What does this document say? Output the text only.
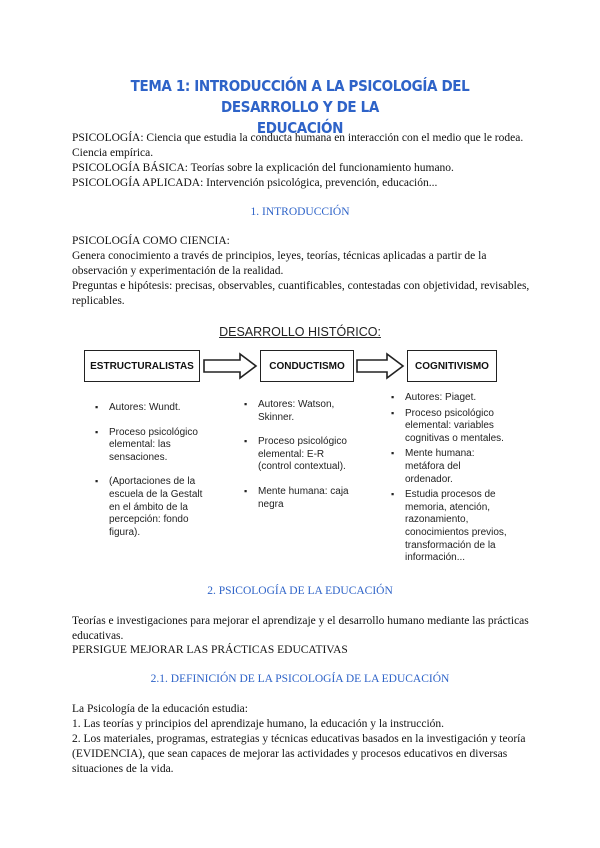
TEMA 1: INTRODUCCIÓN A LA PSICOLOGÍA DEL DESARROLLO Y DE LA
EDUCACIÓN

PSICOLOGÍA: Ciencia que estudia la conducta humana en interacción con el medio que le rodea.

Ciencia empírica.

PSICOLOGÍA BÁSICA: Teorías sobre la explicación del funcionamiento humano.

PSICOLOGÍA APLICADA: Intervención psicológica, prevención, educación...

1. INTRODUCCIÓN

PSICOLOGÍA COMO CIENCIA:

Genera conocimiento a través de principios, leyes, teorías, técnicas aplicadas a partir de la

observación y experimentación de la realidad.

Preguntas e hipótesis: precisas, observables, cuantificables, contestadas con objetividad, revisables,

replicables.

DESARROLLO HISTÓRICO:
ESTRUCTURALISTAS	CONDUCTISMO	COGNITIVISMO
▪ Autores: Wundt.
▪ Proceso psicológico
elemental: las
sensaciones.
▪ (Aportaciones de la
escuela de la Gestalt
en el ámbito de la
percepción: fondo
figura).
▪ Autores: Watson,
Skinner.
▪ Proceso psicológico
elemental: E-R
(control contextual).
▪ Mente humana: caja
negra
▪ Autores: Piaget.
▪ Proceso psicológico
elemental: variables
cognitivas o mentales.
▪ Mente humana:
metáfora del
ordenador.
▪ Estudia procesos de
memoria, atención,
razonamiento,
conocimientos previos,
transformación de la
información...

2. PSICOLOGÍA DE LA EDUCACIÓN

Teorías e investigaciones para mejorar el aprendizaje y el desarrollo humano mediante las prácticas

educativas.

PERSIGUE MEJORAR LAS PRÁCTICAS EDUCATIVAS

2.1. DEFINICIÓN DE LA PSICOLOGÍA DE LA EDUCACIÓN

La Psicología de la educación estudia:

1. Las teorías y principios del aprendizaje humano, la educación y la instrucción.

2. Los materiales, programas, estrategias y técnicas educativas basados en la investigación y teoría

(EVIDENCIA), que sean capaces de mejorar las actividades y procesos educativos en diversas

situaciones de la vida.
